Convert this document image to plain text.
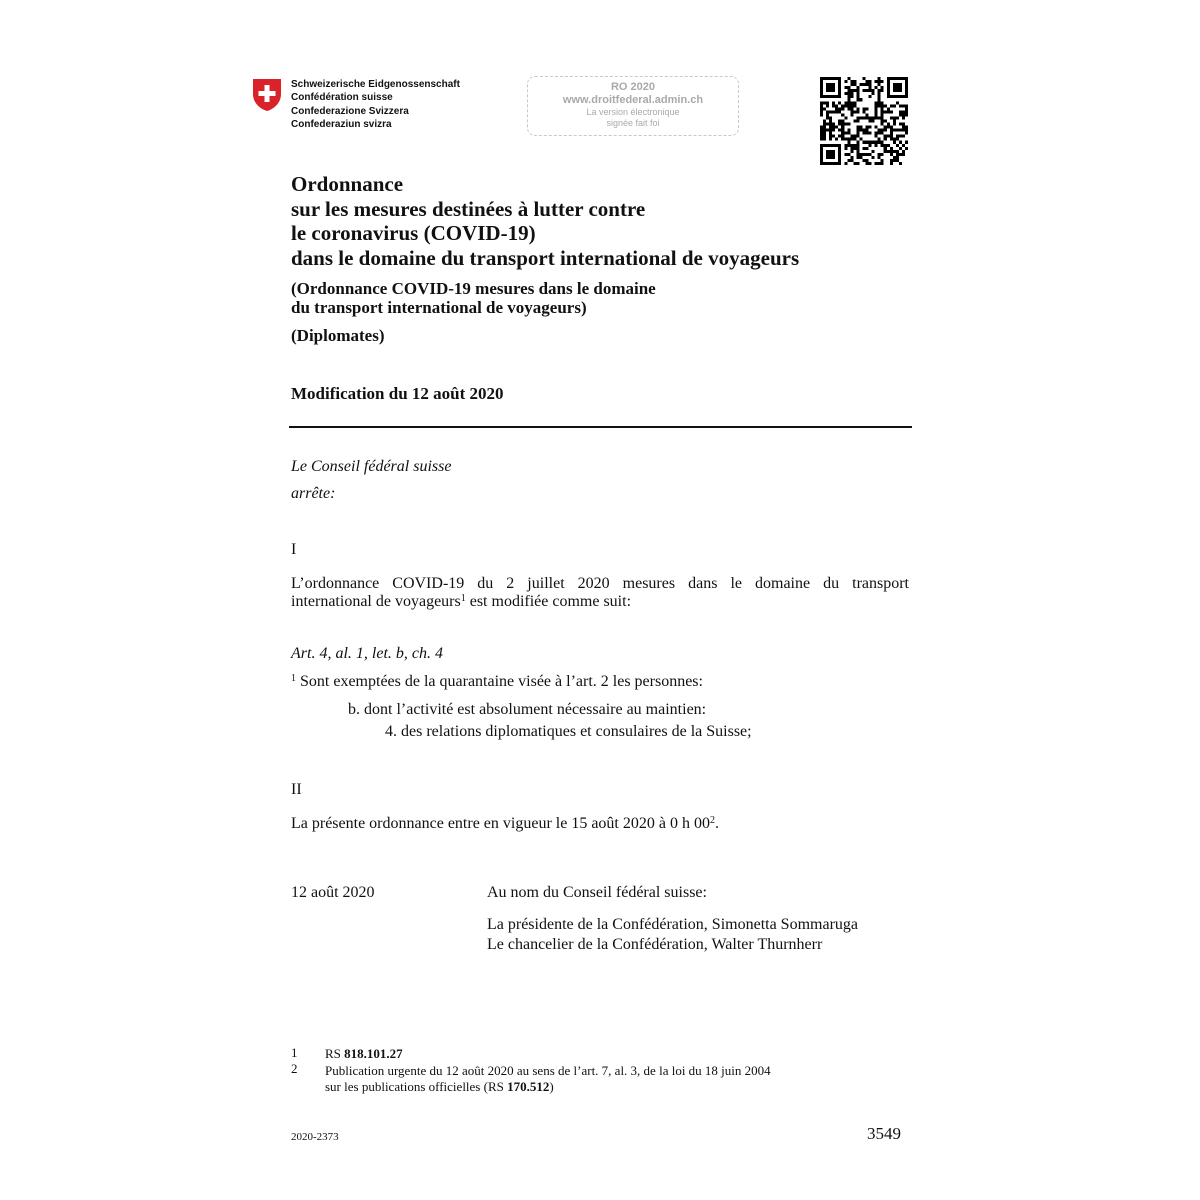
Schweizerische Eidgenossenschaft
Confédération suisse
Confederazione Svizzera
Confederaziun svizra
RO 2020
www.droitfederal.admin.ch
La version électronique
signée fait foi
Ordonnance
sur les mesures destinées à lutter contre
le coronavirus (COVID-19)
dans le domaine du transport international de voyageurs
(Ordonnance COVID-19 mesures dans le domaine
du transport international de voyageurs)
(Diplomates)
Modification du 12 août 2020
Le Conseil fédéral suisse
arrête:
I
L’ordonnance COVID-19 du 2 juillet 2020 mesures dans le domaine du transport
international de voyageurs$^1$ est modifiée comme suit:
Art. 4, al. 1, let. b, ch. 4
$^1$ Sont exemptées de la quarantaine visée à l’art. 2 les personnes:
b. dont l’activité est absolument nécessaire au maintien:
4. des relations diplomatiques et consulaires de la Suisse;
II
La présente ordonnance entre en vigueur le 15 août 2020 à 0 h 00$^2$.
12 août 2020	Au nom du Conseil fédéral suisse:
La présidente de la Confédération, Simonetta Sommaruga
Le chancelier de la Confédération, Walter Thurnherr
1 RS 818.101.27
2 Publication urgente du 12 août 2020 au sens de l’art. 7, al. 3, de la loi du 18 juin 2004
sur les publications officielles (RS 170.512)
2020-2373	3549
